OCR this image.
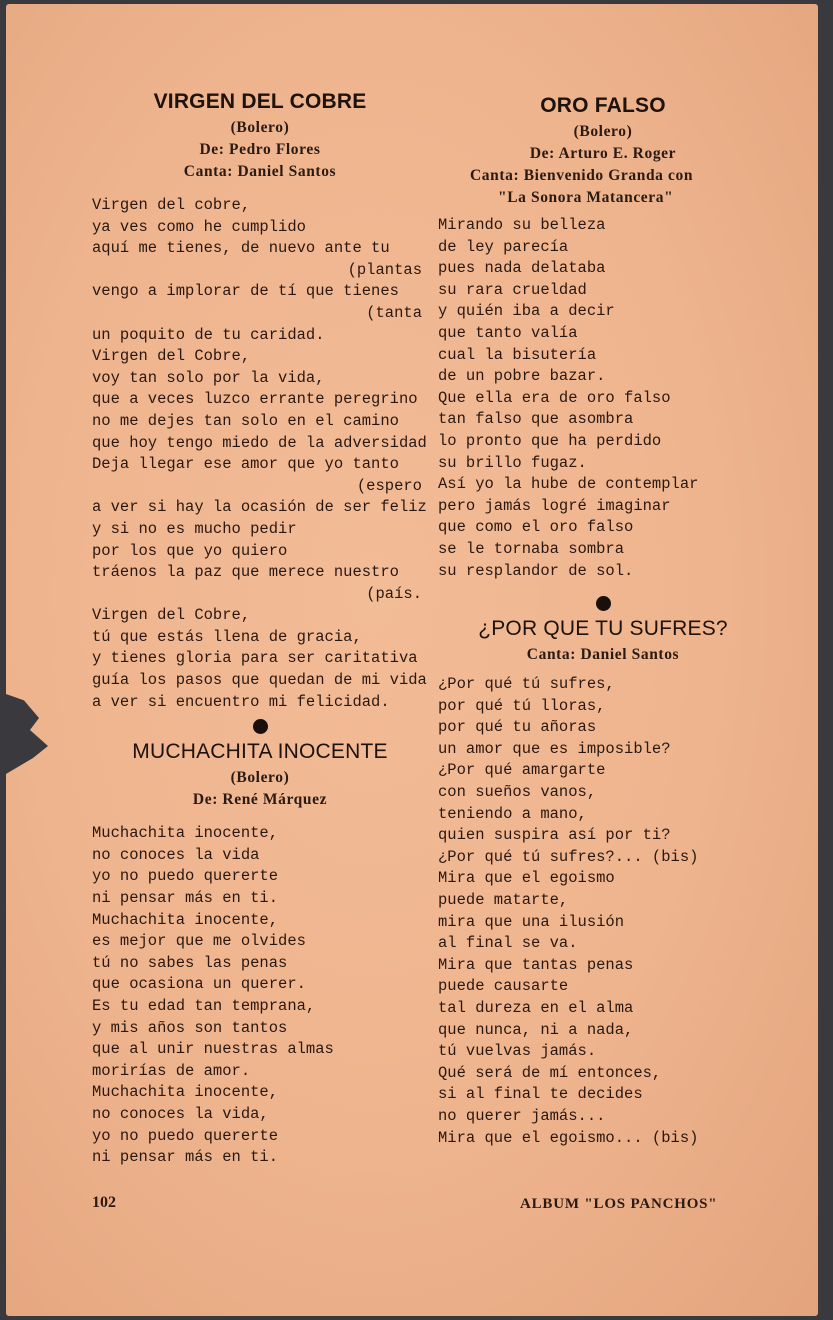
VIRGEN DEL COBRE
(Bolero)
De: Pedro Flores
Canta: Daniel Santos
Virgen del cobre,
ya ves como he cumplido
aquí me tienes, de nuevo ante tu
(plantas
vengo a implorar de tí que tienes
(tanta
un poquito de tu caridad.
Virgen del Cobre,
voy tan solo por la vida,
que a veces luzco errante peregrino
no me dejes tan solo en el camino
que hoy tengo miedo de la adversidad
Deja llegar ese amor que yo tanto
(espero
a ver si hay la ocasión de ser feliz
y si no es mucho pedir
por los que yo quiero
tráenos la paz que merece nuestro
(país.
Virgen del Cobre,
tú que estás llena de gracia,
y tienes gloria para ser caritativa
guía los pasos que quedan de mi vida
a ver si encuentro mi felicidad.
MUCHACHITA INOCENTE
(Bolero)
De: René Márquez
Muchachita inocente,
no conoces la vida
yo no puedo quererte
ni pensar más en ti.
Muchachita inocente,
es mejor que me olvides
tú no sabes las penas
que ocasiona un querer.
Es tu edad tan temprana,
y mis años son tantos
que al unir nuestras almas
morirías de amor.
Muchachita inocente,
no conoces la vida,
yo no puedo quererte
ni pensar más en ti.
ORO FALSO
(Bolero)
De: Arturo E. Roger
Canta: Bienvenido Granda con
"La Sonora Matancera"
Mirando su belleza
de ley parecía
pues nada delataba
su rara crueldad
y quién iba a decir
que tanto valía
cual la bisutería
de un pobre bazar.
Que ella era de oro falso
tan falso que asombra
lo pronto que ha perdido
su brillo fugaz.
Así yo la hube de contemplar
pero jamás logré imaginar
que como el oro falso
se le tornaba sombra
su resplandor de sol.
¿POR QUE TU SUFRES?
Canta: Daniel Santos
¿Por qué tú sufres,
por qué tú lloras,
por qué tu añoras
un amor que es imposible?
¿Por qué amargarte
con sueños vanos,
teniendo a mano,
quien suspira así por ti?
¿Por qué tú sufres?... (bis)
Mira que el egoismo
puede matarte,
mira que una ilusión
al final se va.
Mira que tantas penas
puede causarte
tal dureza en el alma
que nunca, ni a nada,
tú vuelvas jamás.
Qué será de mí entonces,
si al final te decides
no querer jamás...
Mira que el egoismo... (bis)
102	ALBUM "LOS PANCHOS"
